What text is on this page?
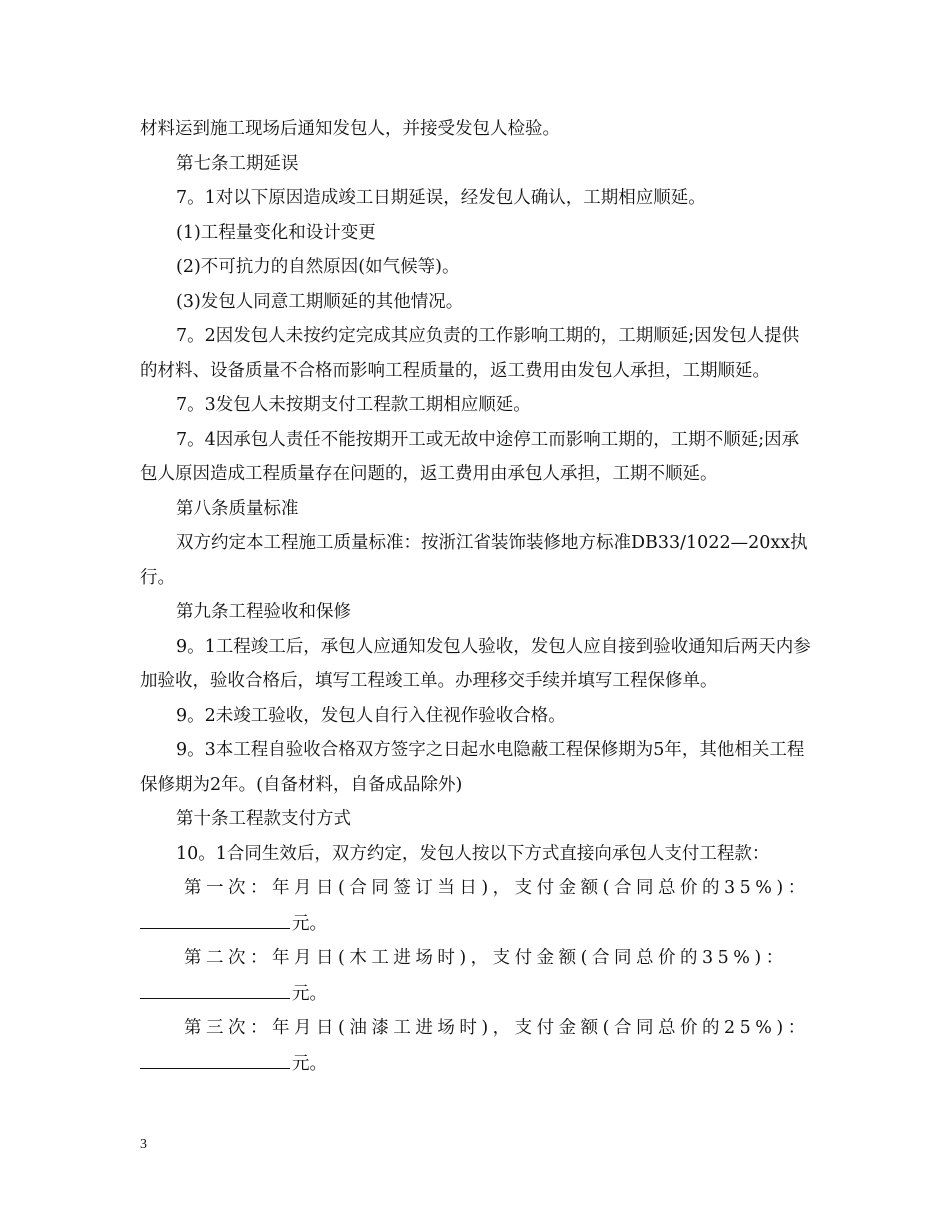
材料运到施工现场后通知发包人，并接受发包人检验。

第七条工期延误

7。1对以下原因造成竣工日期延误，经发包人确认，工期相应顺延。

(1)工程量变化和设计变更

(2)不可抗力的自然原因(如气候等)。

(3)发包人同意工期顺延的其他情况。

7。2因发包人未按约定完成其应负责的工作影响工期的，工期顺延;因发包人提供的材料、设备质量不合格而影响工程质量的，返工费用由发包人承担，工期顺延。

7。3发包人未按期支付工程款工期相应顺延。

7。4因承包人责任不能按期开工或无故中途停工而影响工期的，工期不顺延;因承包人原因造成工程质量存在问题的，返工费用由承包人承担，工期不顺延。

第八条质量标准

双方约定本工程施工质量标准：按浙江省装饰装修地方标准DB33/1022—20xx执行。

第九条工程验收和保修

9。1工程竣工后，承包人应通知发包人验收，发包人应自接到验收通知后两天内参加验收，验收合格后，填写工程竣工单。办理移交手续并填写工程保修单。

9。2未竣工验收，发包人自行入住视作验收合格。

9。3本工程自验收合格双方签字之日起水电隐蔽工程保修期为5年，其他相关工程保修期为2年。(自备材料，自备成品除外)

第十条工程款支付方式

10。1合同生效后，双方约定，发包人按以下方式直接向承包人支付工程款：

第一次：年月日(合同签订当日)，支付金额(合同总价的35%)：

元。

第二次：年月日(木工进场时)，支付金额(合同总价的35%)：

元。

第三次：年月日(油漆工进场时)，支付金额(合同总价的25%)：

元。

3
